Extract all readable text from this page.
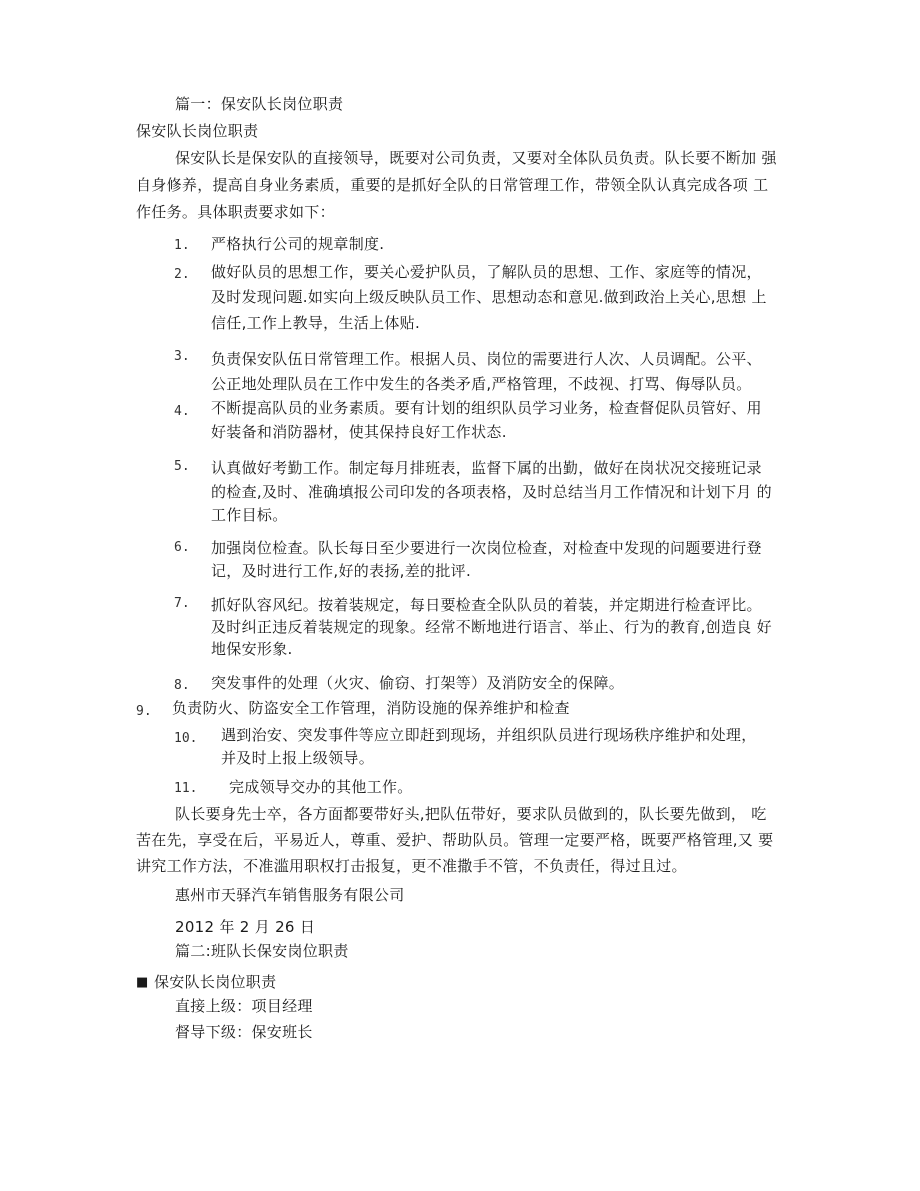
篇一：保安队长岗位职责
保安队长岗位职责
保安队长是保安队的直接领导，既要对公司负责，又要对全体队员负责。队长要不断加 强
自身修养，提高自身业务素质，重要的是抓好全队的日常管理工作，带领全队认真完成各项 工
作任务。具体职责要求如下：
1. 严格执行公司的规章制度.
2. 做好队员的思想工作，要关心爱护队员，了解队员的思想、工作、家庭等的情况，
及时发现问题.如实向上级反映队员工作、思想动态和意见.做到政治上关心,思想 上
信任,工作上教导，生活上体贴.
3. 负责保安队伍日常管理工作。根据人员、岗位的需要进行人次、人员调配。公平、
公正地处理队员在工作中发生的各类矛盾,严格管理，不歧视、打骂、侮辱队员。
4. 不断提高队员的业务素质。要有计划的组织队员学习业务，检查督促队员管好、用
好装备和消防器材，使其保持良好工作状态.
5. 认真做好考勤工作。制定每月排班表，监督下属的出勤，做好在岗状况交接班记录
的检查,及时、准确填报公司印发的各项表格，及时总结当月工作情况和计划下月 的
工作目标。
6. 加强岗位检查。队长每日至少要进行一次岗位检查，对检查中发现的问题要进行登
记，及时进行工作,好的表扬,差的批评.
7. 抓好队容风纪。按着装规定，每日要检查全队队员的着装，并定期进行检查评比。
及时纠正违反着装规定的现象。经常不断地进行语言、举止、行为的教育,创造良 好
地保安形象.
8. 突发事件的处理（火灾、偷窃、打架等）及消防安全的保障。
9. 负责防火、防盗安全工作管理，消防设施的保养维护和检查
10. 遇到治安、突发事件等应立即赶到现场，并组织队员进行现场秩序维护和处理，
并及时上报上级领导。
11. 完成领导交办的其他工作。
队长要身先士卒，各方面都要带好头,把队伍带好，要求队员做到的，队长要先做到， 吃
苦在先，享受在后，平易近人，尊重、爱护、帮助队员。管理一定要严格，既要严格管理,又 要
讲究工作方法，不准滥用职权打击报复，更不准撒手不管，不负责任，得过且过。
惠州市天驿汽车销售服务有限公司
2012 年 2 月 26 日
篇二:班队长保安岗位职责
■ 保安队长岗位职责
直接上级：项目经理
督导下级：保安班长
